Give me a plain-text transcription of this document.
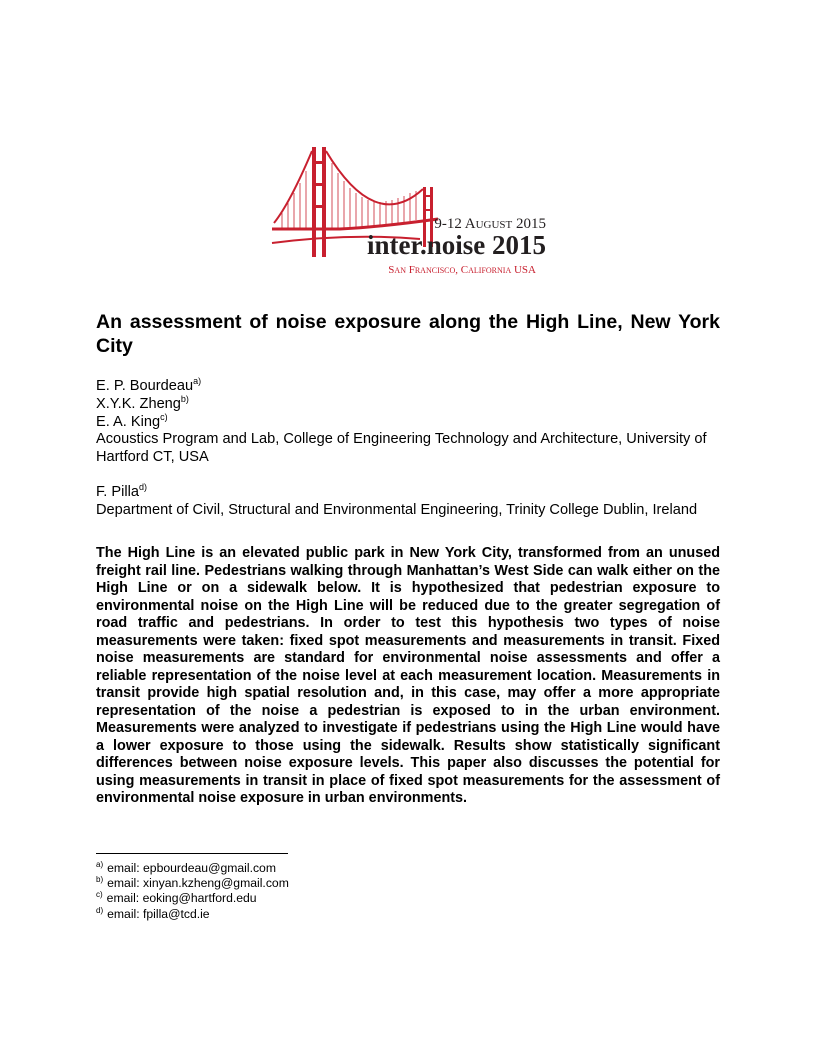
9-12 August 2015
inter.noise 2015
San Francisco, California USA
An assessment of noise exposure along the High Line, New York City
E. P. Bourdeau$^{a)}$
X.Y.K. Zheng$^{b)}$
E. A. King$^{c)}$
Acoustics Program and Lab, College of Engineering Technology and Architecture, University of Hartford CT, USA
F. Pilla$^{d)}$
Department of Civil, Structural and Environmental Engineering, Trinity College Dublin, Ireland

The High Line is an elevated public park in New York City, transformed from an unused freight rail line. Pedestrians walking through Manhattan’s West Side can walk either on the High Line or on a sidewalk below. It is hypothesized that pedestrian exposure to environmental noise on the High Line will be reduced due to the greater segregation of road traffic and pedestrians. In order to test this hypothesis two types of noise measurements were taken: fixed spot measurements and measurements in transit. Fixed noise measurements are standard for environmental noise assessments and offer a reliable representation of the noise level at each measurement location. Measurements in transit provide high spatial resolution and, in this case, may offer a more appropriate representation of the noise a pedestrian is exposed to in the urban environment. Measurements were analyzed to investigate if pedestrians using the High Line would have a lower exposure to those using the sidewalk. Results show statistically significant differences between noise exposure levels. This paper also discusses the potential for using measurements in transit in place of fixed spot measurements for the assessment of environmental noise exposure in urban environments.

$^{a)}$ email: epbourdeau@gmail.com
$^{b)}$ email: xinyan.kzheng@gmail.com
$^{c)}$ email: eoking@hartford.edu
$^{d)}$ email: fpilla@tcd.ie
